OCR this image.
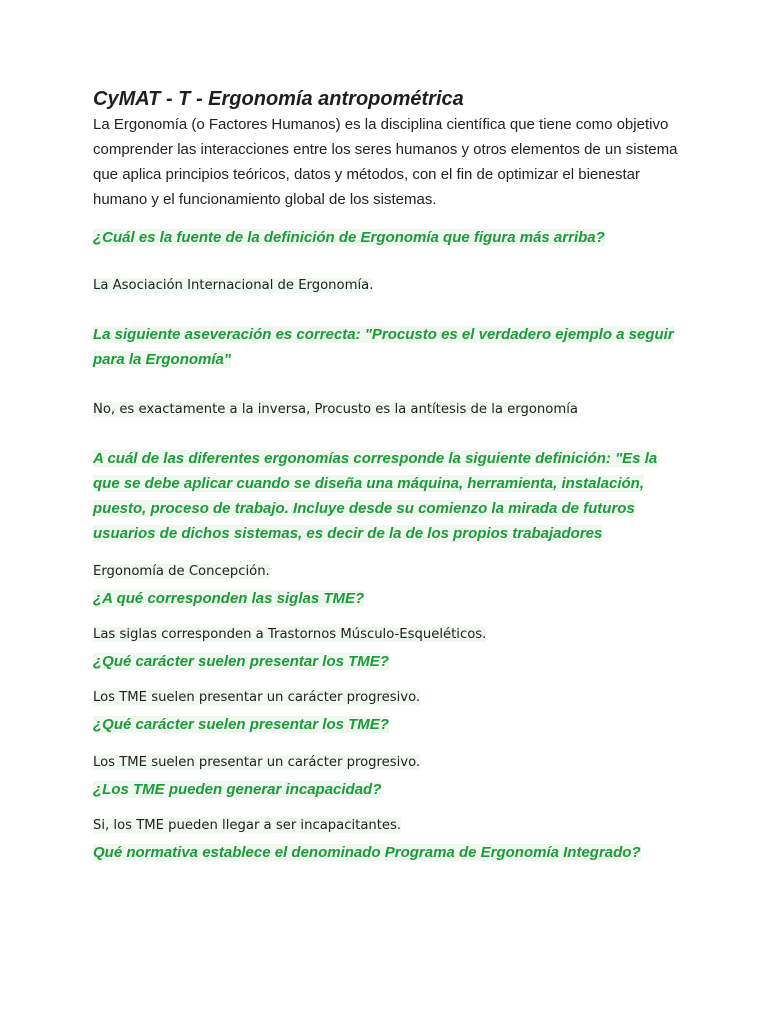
CyMAT - T - Ergonomía antropométrica

La Ergonomía (o Factores Humanos) es la disciplina científica que tiene como objetivo comprender las interacciones entre los seres humanos y otros elementos de un sistema que aplica principios teóricos, datos y métodos, con el fin de optimizar el bienestar humano y el funcionamiento global de los sistemas.

¿Cuál es la fuente de la definición de Ergonomía que figura más arriba?

La Asociación Internacional de Ergonomía.

La siguiente aseveración es correcta: "Procusto es el verdadero ejemplo a seguir para la Ergonomía"

No, es exactamente a la inversa, Procusto es la antítesis de la ergonomía

A cuál de las diferentes ergonomías corresponde la siguiente definición: "Es la que se debe aplicar cuando se diseña una máquina, herramienta, instalación, puesto, proceso de trabajo. Incluye desde su comienzo la mirada de futuros usuarios de dichos sistemas, es decir de la de los propios trabajadores

Ergonomía de Concepción.

¿A qué corresponden las siglas TME?

Las siglas corresponden a Trastornos Músculo-Esqueléticos.

¿Qué carácter suelen presentar los TME?

Los TME suelen presentar un carácter progresivo.

¿Qué carácter suelen presentar los TME?

Los TME suelen presentar un carácter progresivo.

¿Los TME pueden generar incapacidad?

Si, los TME pueden llegar a ser incapacitantes.

Qué normativa establece el denominado Programa de Ergonomía Integrado?
